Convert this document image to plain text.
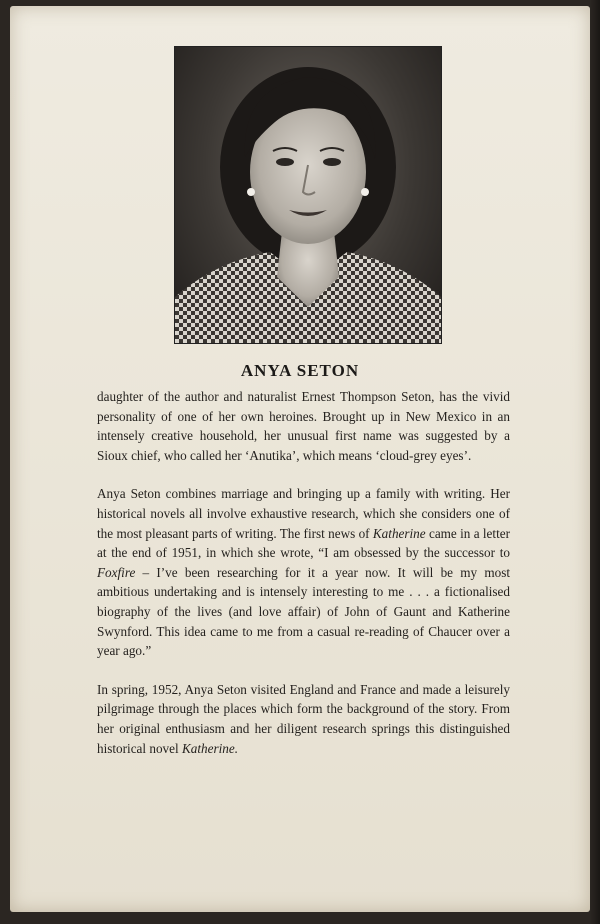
ANYA SETON

daughter of the author and naturalist Ernest Thompson Seton, has the vivid personality of one of her own heroines. Brought up in New Mexico in an intensely creative household, her unusual first name was suggested by a Sioux chief, who called her ‘Anutika’, which means ‘cloud-grey eyes’.

Anya Seton combines marriage and bringing up a family with writing. Her historical novels all involve exhaustive research, which she considers one of the most pleasant parts of writing. The first news of Katherine came in a letter at the end of 1951, in which she wrote, “I am obsessed by the successor to Foxfire – I’ve been researching for it a year now. It will be my most ambitious undertaking and is intensely interesting to me . . . a fictionalised biography of the lives (and love affair) of John of Gaunt and Katherine Swynford. This idea came to me from a casual re-reading of Chaucer over a year ago.”

In spring, 1952, Anya Seton visited England and France and made a leisurely pilgrimage through the places which form the background of the story. From her original enthusiasm and her diligent research springs this distinguished historical novel Katherine.
